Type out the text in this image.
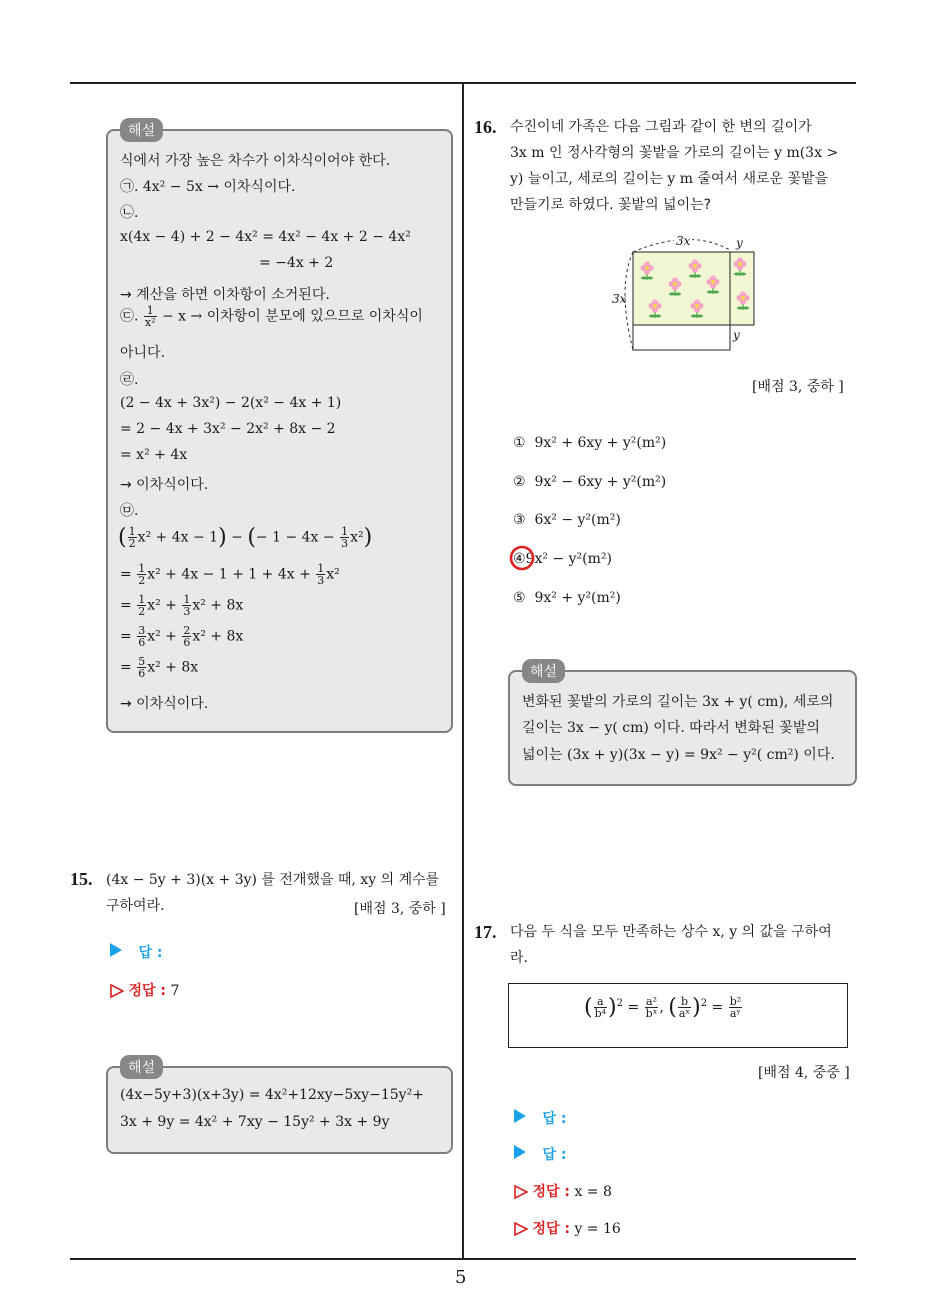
5
해설
식에서 가장 높은 차수가 이차식이어야 한다.
㉠. 4x² − 5x → 이차식이다.
㉡.
x(4x − 4) + 2 − 4x² = 4x² − 4x + 2 − 4x²
= −4x + 2
→ 계산을 하면 이차항이 소거된다.
㉢. $\frac{1}{\text{x²}} - x$ → 이차항이 분모에 있으므로 이차식이
아니다.
㉣.
(2 − 4x + 3x²) − 2(x² − 4x + 1)
= 2 − 4x + 3x² − 2x² + 8x − 2
= x² + 4x
→ 이차식이다.
㉤.
( $\frac{1}{2} x^2 + 4x - 1$) − (− $1 - 4x - \frac{1}{3} x^2$)
= $\frac{1}{2} x^2 + 4x - 1 + 1 + 4x + \frac{1}{3} x^2$
= $\frac{1}{2} x^2 + \frac{1}{3} x^2 + 8x$
= $\frac{3}{6} x^2 + \frac{2}{6} x^2 + 8x$
= $\frac{5}{6} x^2 + 8x$
→ 이차식이다.
15. (4x − 5y + 3)(x + 3y) 를 전개했을 때, xy 의 계수를
구하여라.	[배점 3, 중하 ]
답 :
정답 : 7
해설
(4x−5y+3)(x+3y) = 4x²+12xy−5xy−15y²+
3x + 9y = 4x² + 7xy − 15y² + 3x + 9y
16. 수진이네 가족은 다음 그림과 같이 한 변의 길이가
3x m 인 정사각형의 꽃밭을 가로의 길이는 y m(3x >
y) 늘이고, 세로의 길이는 y m 줄여서 새로운 꽃밭을
만들기로 하였다. 꽃밭의 넓이는?
3x	y
3x
y
[배점 3, 중하 ]
① 9x² + 6xy + y²(m²)
② 9x² − 6xy + y²(m²)
③ 6x² − y²(m²)
④9x² − y²(m²)
⑤ 9x² + y²(m²)
해설
변화된 꽃밭의 가로의 길이는 3x + y( cm), 세로의
길이는 3x − y( cm) 이다. 따라서 변화된 꽃밭의
넓이는 (3x + y)(3x − y) = 9x² − y²( cm²) 이다.
17. 다음 두 식을 모두 만족하는 상수 x, y 의 값을 구하여
라.
( $\frac{a}{\text{b⁴}} )^2 = \frac{\text{a²}}{\text{bˣ}}$ , ( $\frac{b}{\text{aˣ}} )^2 = \frac{\text{b²}}{\text{aʸ}}$
[배점 4, 중중 ]
답 :
답 :
정답 : x = 8
정답 : y = 16
